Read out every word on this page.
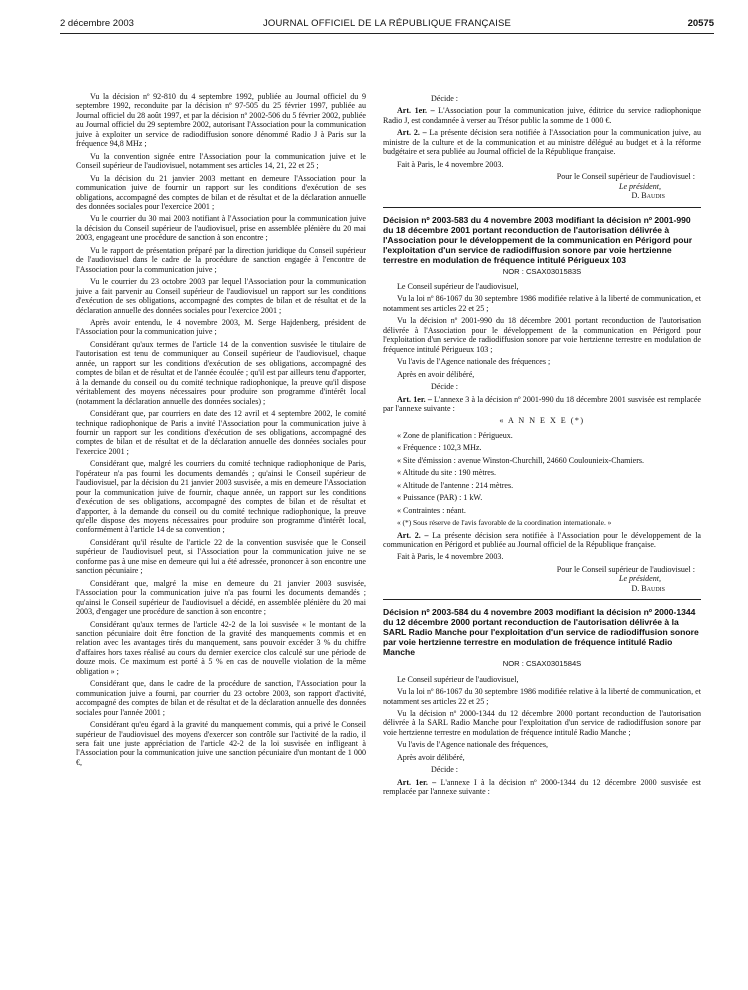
2 décembre 2003	JOURNAL OFFICIEL DE LA RÉPUBLIQUE FRANÇAISE	20575

Vu la décision nº 92-810 du 4 septembre 1992, publiée au Journal officiel du 9 septembre 1992, reconduite par la décision nº 97-505 du 25 février 1997, publiée au Journal officiel du 28 août 1997, et par la décision nº 2002-506 du 5 février 2002, publiée au Journal officiel du 29 septembre 2002, autorisant l'Association pour la communication juive à exploiter un service de radiodiffusion sonore dénommé Radio J à Paris sur la fréquence 94,8 MHz ;

Vu la convention signée entre l'Association pour la communication juive et le Conseil supérieur de l'audiovisuel, notamment ses articles 14, 21, 22 et 25 ;

Vu la décision du 21 janvier 2003 mettant en demeure l'Association pour la communication juive de fournir un rapport sur les conditions d'exécution de ses obligations, accompagné des comptes de bilan et de résultat et de la déclaration annuelle des données sociales pour l'exercice 2001 ;

Vu le courrier du 30 mai 2003 notifiant à l'Association pour la communication juive la décision du Conseil supérieur de l'audiovisuel, prise en assemblée plénière du 20 mai 2003, engageant une procédure de sanction à son encontre ;

Vu le rapport de présentation préparé par la direction juridique du Conseil supérieur de l'audiovisuel dans le cadre de la procédure de sanction engagée à l'encontre de l'Association pour la communication juive ;

Vu le courrier du 23 octobre 2003 par lequel l'Association pour la communication juive a fait parvenir au Conseil supérieur de l'audiovisuel un rapport sur les conditions d'exécution de ses obligations, accompagné des comptes de bilan et de résultat et de la déclaration annuelle des données sociales pour l'exercice 2001 ;

Après avoir entendu, le 4 novembre 2003, M. Serge Hajdenberg, président de l'Association pour la communication juive ;

Considérant qu'aux termes de l'article 14 de la convention susvisée le titulaire de l'autorisation est tenu de communiquer au Conseil supérieur de l'audiovisuel, chaque année, un rapport sur les conditions d'exécution de ses obligations, accompagné des comptes de bilan et de résultat et de l'année écoulée ; qu'il est par ailleurs tenu d'apporter, à la demande du conseil ou du comité technique radiophonique, la preuve qu'il dispose véritablement des moyens nécessaires pour produire son programme d'intérêt local (notamment la déclaration annuelle des données sociales) ;

Considérant que, par courriers en date des 12 avril et 4 septembre 2002, le comité technique radiophonique de Paris a invité l'Association pour la communication juive à fournir un rapport sur les conditions d'exécution de ses obligations, accompagné des comptes de bilan et de résultat et de la déclaration annuelle des données sociales pour l'exercice 2001 ;

Considérant que, malgré les courriers du comité technique radiophonique de Paris, l'opérateur n'a pas fourni les documents demandés ; qu'ainsi le Conseil supérieur de l'audiovisuel, par la décision du 21 janvier 2003 susvisée, a mis en demeure l'Association pour la communication juive de fournir, chaque année, un rapport sur les conditions d'exécution de ses obligations, accompagné des comptes de bilan et de résultat et d'apporter, à la demande du conseil ou du comité technique radiophonique, la preuve qu'elle dispose des moyens nécessaires pour produire son programme d'intérêt local, conformément à l'article 14 de sa convention ;

Considérant qu'il résulte de l'article 22 de la convention susvisée que le Conseil supérieur de l'audiovisuel peut, si l'Association pour la communication juive ne se conforme pas à une mise en demeure qui lui a été adressée, prononcer à son encontre une sanction pécuniaire ;

Considérant que, malgré la mise en demeure du 21 janvier 2003 susvisée, l'Association pour la communication juive n'a pas fourni les documents demandés ; qu'ainsi le Conseil supérieur de l'audiovisuel a décidé, en assemblée plénière du 20 mai 2003, d'engager une procédure de sanction à son encontre ;

Considérant qu'aux termes de l'article 42-2 de la loi susvisée « le montant de la sanction pécuniaire doit être fonction de la gravité des manquements commis et en relation avec les avantages tirés du manquement, sans pouvoir excéder 3 % du chiffre d'affaires hors taxes réalisé au cours du dernier exercice clos calculé sur une période de douze mois. Ce maximum est porté à 5 % en cas de nouvelle violation de la même obligation » ;

Considérant que, dans le cadre de la procédure de sanction, l'Association pour la communication juive a fourni, par courrier du 23 octobre 2003, son rapport d'activité, accompagné des comptes de bilan et de résultat et de la déclaration annuelle des données sociales pour l'année 2001 ;

Considérant qu'eu égard à la gravité du manquement commis, qui a privé le Conseil supérieur de l'audiovisuel des moyens d'exercer son contrôle sur l'activité de la radio, il sera fait une juste appréciation de l'article 42-2 de la loi susvisée en infligeant à l'Association pour la communication juive une sanction pécuniaire d'un montant de 1 000 €,

Décide :

Art. 1er. – L'Association pour la communication juive, éditrice du service radiophonique Radio J, est condamnée à verser au Trésor public la somme de 1 000 €.

Art. 2. – La présente décision sera notifiée à l'Association pour la communication juive, au ministre de la culture et de la communication et au ministre délégué au budget et à la réforme budgétaire et sera publiée au Journal officiel de la République française.

Fait à Paris, le 4 novembre 2003.

Pour le Conseil supérieur de l'audiovisuel :

Le président,

D. Baudis

Décision nº 2003-583 du 4 novembre 2003 modifiant la décision nº 2001-990 du 18 décembre 2001 portant reconduction de l'autorisation délivrée à l'Association pour le développement de la communication en Périgord pour l'exploitation d'un service de radiodiffusion sonore par voie hertzienne terrestre en modulation de fréquence intitulé Périgueux 103

NOR : CSAX0301583S

Le Conseil supérieur de l'audiovisuel,

Vu la loi nº 86-1067 du 30 septembre 1986 modifiée relative à la liberté de communication, et notamment ses articles 22 et 25 ;

Vu la décision nº 2001-990 du 18 décembre 2001 portant reconduction de l'autorisation délivrée à l'Association pour le développement de la communication en Périgord pour l'exploitation d'un service de radiodiffusion sonore par voie hertzienne terrestre en modulation de fréquence intitulé Périgueux 103 ;

Vu l'avis de l'Agence nationale des fréquences ;

Après en avoir délibéré,

Décide :

Art. 1er. – L'annexe 3 à la décision nº 2001-990 du 18 décembre 2001 susvisée est remplacée par l'annexe suivante :

« A N N E X E (*)

« Zone de planification : Périgueux.

« Fréquence : 102,3 MHz.

« Site d'émission : avenue Winston-Churchill, 24660 Coulounieix-Chamiers.

« Altitude du site : 190 mètres.

« Altitude de l'antenne : 214 mètres.

« Puissance (PAR) : 1 kW.

« Contraintes : néant.

« (*) Sous réserve de l'avis favorable de la coordination internationale. »

Art. 2. – La présente décision sera notifiée à l'Association pour le développement de la communication en Périgord et publiée au Journal officiel de la République française.

Fait à Paris, le 4 novembre 2003.

Pour le Conseil supérieur de l'audiovisuel :

Le président,

D. Baudis

Décision nº 2003-584 du 4 novembre 2003 modifiant la décision nº 2000-1344 du 12 décembre 2000 portant reconduction de l'autorisation délivrée à la SARL Radio Manche pour l'exploitation d'un service de radiodiffusion sonore par voie hertzienne terrestre en modulation de fréquence intitulé Radio Manche

NOR : CSAX0301584S

Le Conseil supérieur de l'audiovisuel,

Vu la loi nº 86-1067 du 30 septembre 1986 modifiée relative à la liberté de communication, et notamment ses articles 22 et 25 ;

Vu la décision nº 2000-1344 du 12 décembre 2000 portant reconduction de l'autorisation délivrée à la SARL Radio Manche pour l'exploitation d'un service de radiodiffusion sonore par voie hertzienne terrestre en modulation de fréquence intitulé Radio Manche ;

Vu l'avis de l'Agence nationale des fréquences,

Après avoir délibéré,

Décide :

Art. 1er. – L'annexe I à la décision nº 2000-1344 du 12 décembre 2000 susvisée est remplacée par l'annexe suivante :
